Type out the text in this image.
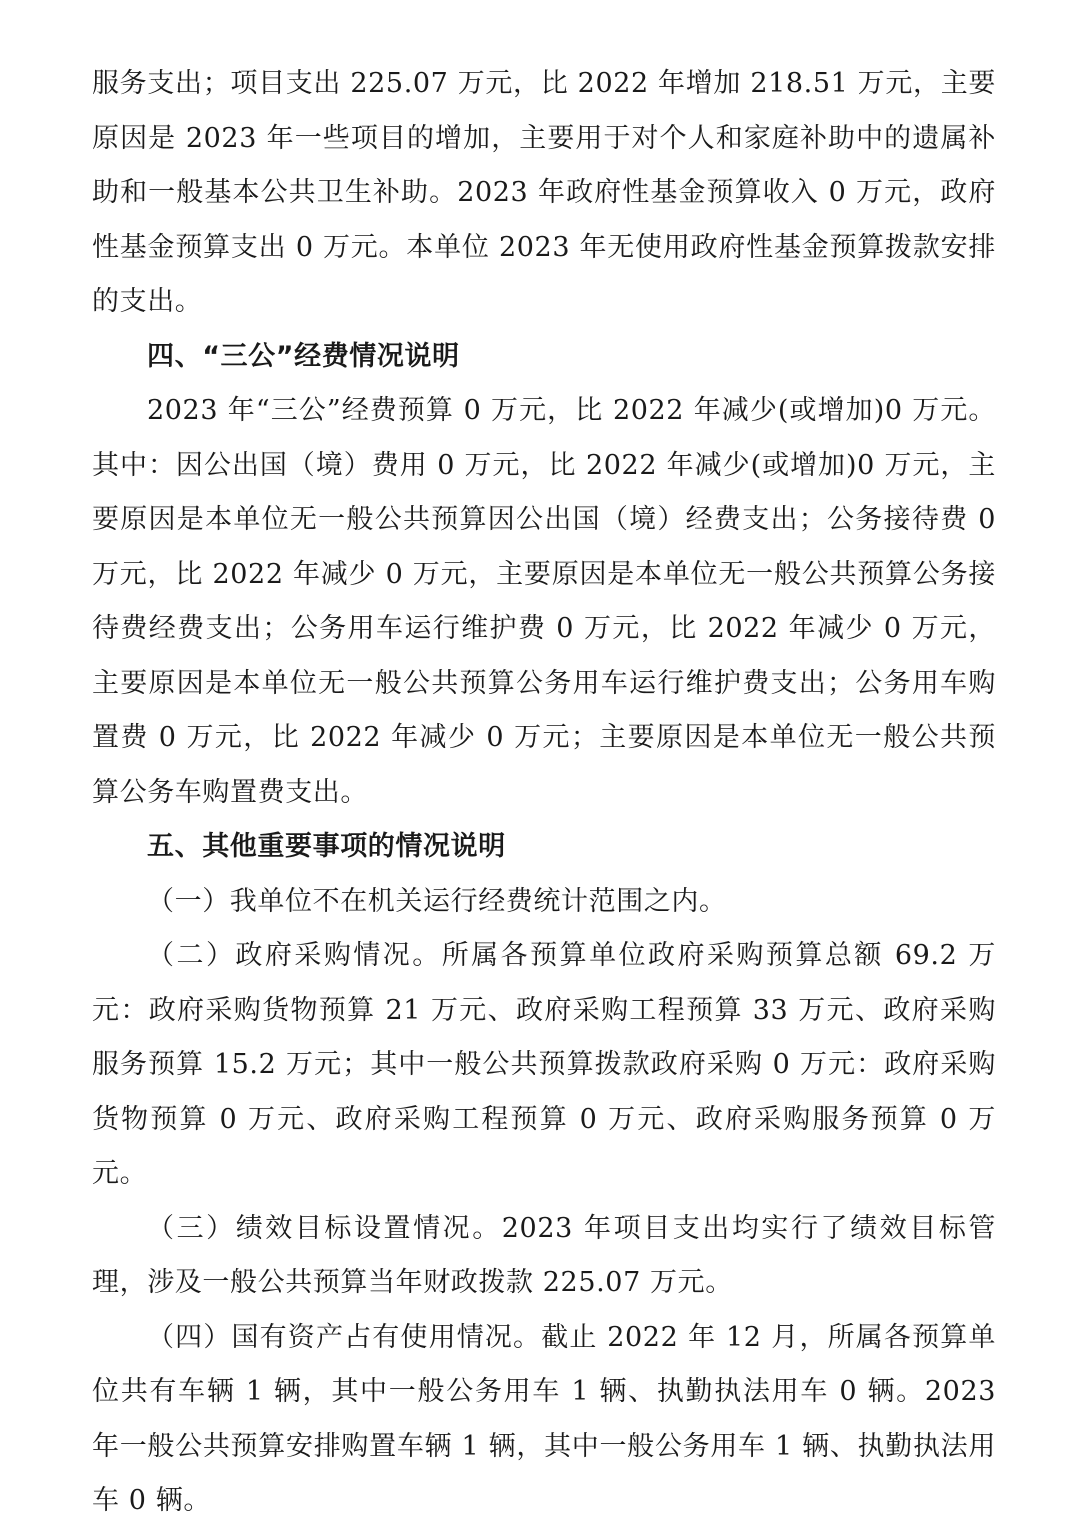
服务支出；项目支出 225.07 万元，比 2022 年增加 218.51 万元，主要原因是 2023 年一些项目的增加，主要用于对个人和家庭补助中的遗属补助和一般基本公共卫生补助。2023 年政府性基金预算收入 0 万元，政府性基金预算支出 0 万元。本单位 2023 年无使用政府性基金预算拨款安排的支出。

四、“三公”经费情况说明

2023 年“三公”经费预算 0 万元，比 2022 年减少(或增加)0 万元。其中：因公出国（境）费用 0 万元，比 2022 年减少(或增加)0 万元，主要原因是本单位无一般公共预算因公出国（境）经费支出；公务接待费 0 万元，比 2022 年减少 0 万元，主要原因是本单位无一般公共预算公务接待费经费支出；公务用车运行维护费 0 万元，比 2022 年减少 0 万元，主要原因是本单位无一般公共预算公务用车运行维护费支出；公务用车购置费 0 万元，比 2022 年减少 0 万元；主要原因是本单位无一般公共预算公务车购置费支出。

五、其他重要事项的情况说明

（一）我单位不在机关运行经费统计范围之内。

（二）政府采购情况。所属各预算单位政府采购预算总额 69.2 万元：政府采购货物预算 21 万元、政府采购工程预算 33 万元、政府采购服务预算 15.2 万元；其中一般公共预算拨款政府采购 0 万元：政府采购货物预算 0 万元、政府采购工程预算 0 万元、政府采购服务预算 0 万元。

（三）绩效目标设置情况。2023 年项目支出均实行了绩效目标管理，涉及一般公共预算当年财政拨款 225.07 万元。

（四）国有资产占有使用情况。截止 2022 年 12 月，所属各预算单位共有车辆 1 辆，其中一般公务用车 1 辆、执勤执法用车 0 辆。2023 年一般公共预算安排购置车辆 1 辆，其中一般公务用车 1 辆、执勤执法用车 0 辆。
